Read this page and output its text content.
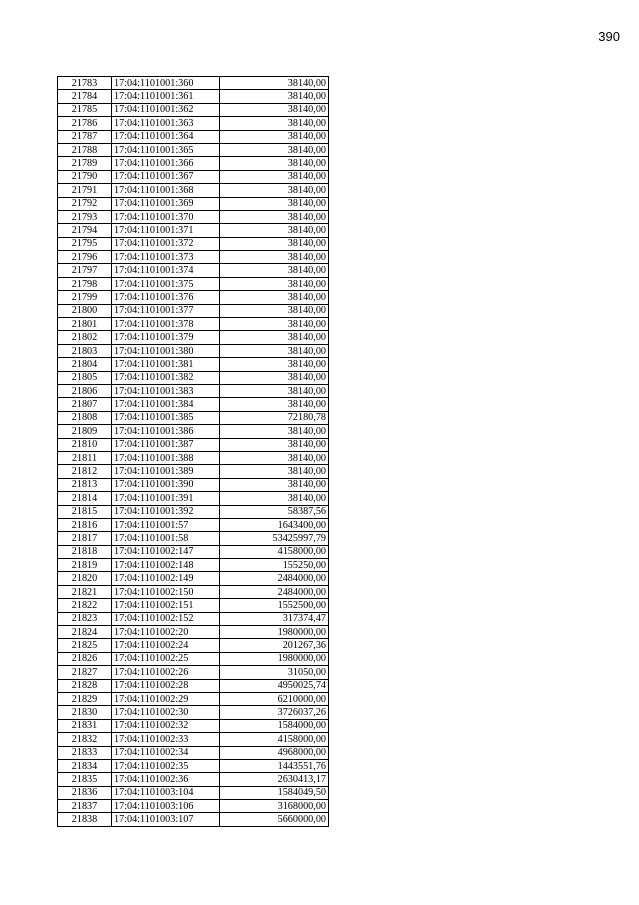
390
21783	17:04:1101001:360	38140,00
21784	17:04:1101001:361	38140,00
21785	17:04:1101001:362	38140,00
21786	17:04:1101001:363	38140,00
21787	17:04:1101001:364	38140,00
21788	17:04:1101001:365	38140,00
21789	17:04:1101001:366	38140,00
21790	17:04:1101001:367	38140,00
21791	17:04:1101001:368	38140,00
21792	17:04:1101001:369	38140,00
21793	17:04:1101001:370	38140,00
21794	17:04:1101001:371	38140,00
21795	17:04:1101001:372	38140,00
21796	17:04:1101001:373	38140,00
21797	17:04:1101001:374	38140,00
21798	17:04:1101001:375	38140,00
21799	17:04:1101001:376	38140,00
21800	17:04:1101001:377	38140,00
21801	17:04:1101001:378	38140,00
21802	17:04:1101001:379	38140,00
21803	17:04:1101001:380	38140,00
21804	17:04:1101001:381	38140,00
21805	17:04:1101001:382	38140,00
21806	17:04:1101001:383	38140,00
21807	17:04:1101001:384	38140,00
21808	17:04:1101001:385	72180,78
21809	17:04:1101001:386	38140,00
21810	17:04:1101001:387	38140,00
21811	17:04:1101001:388	38140,00
21812	17:04:1101001:389	38140,00
21813	17:04:1101001:390	38140,00
21814	17:04:1101001:391	38140,00
21815	17:04:1101001:392	58387,56
21816	17:04:1101001:57	1643400,00
21817	17:04:1101001:58	53425997,79
21818	17:04:1101002:147	4158000,00
21819	17:04:1101002:148	155250,00
21820	17:04:1101002:149	2484000,00
21821	17:04:1101002:150	2484000,00
21822	17:04:1101002:151	1552500,00
21823	17:04:1101002:152	317374,47
21824	17:04:1101002:20	1980000,00
21825	17:04:1101002:24	201267,36
21826	17:04:1101002:25	1980000,00
21827	17:04:1101002:26	31050,00
21828	17:04:1101002:28	4950025,74
21829	17:04:1101002:29	6210000,00
21830	17:04:1101002:30	3726037,26
21831	17:04:1101002:32	1584000,00
21832	17:04:1101002:33	4158000,00
21833	17:04:1101002:34	4968000,00
21834	17:04:1101002:35	1443551,76
21835	17:04:1101002:36	2630413,17
21836	17:04:1101003:104	1584049,50
21837	17:04:1101003:106	3168000,00
21838	17:04:1101003:107	5660000,00
